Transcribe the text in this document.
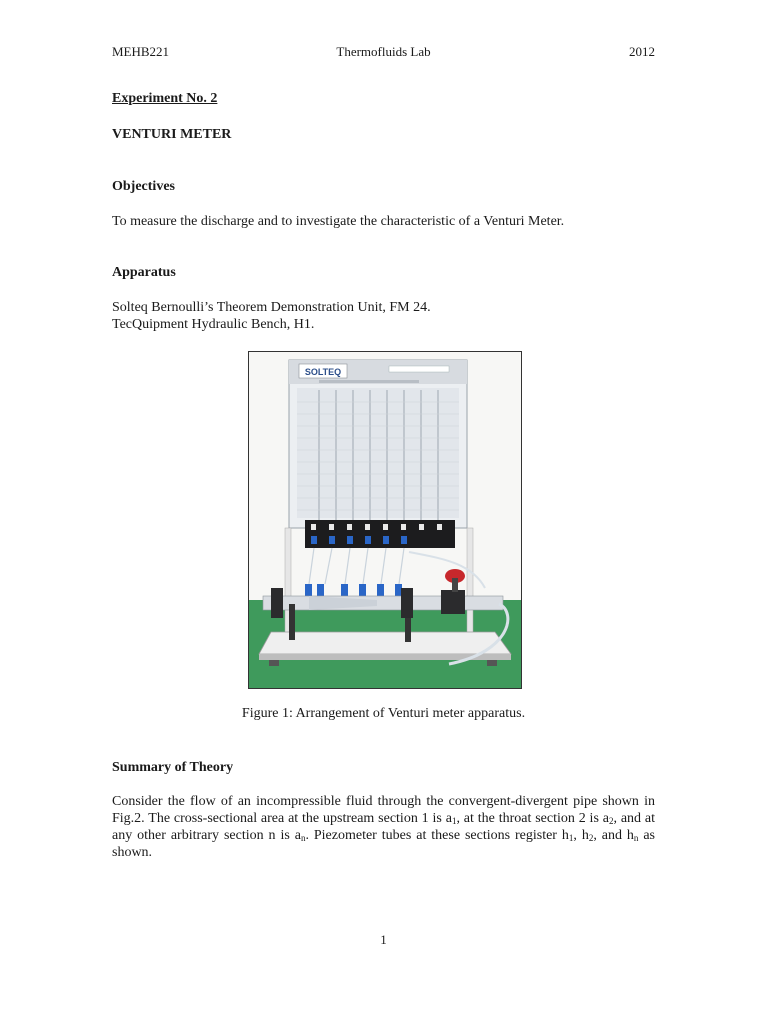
MEHB221	Thermofluids Lab	2012
Experiment No. 2
VENTURI METER
Objectives
To measure the discharge and to investigate the characteristic of a Venturi Meter.
Apparatus
Solteq Bernoulli’s Theorem Demonstration Unit, FM 24.
TecQuipment Hydraulic Bench, H1.
SOLTEQ
Figure 1: Arrangement of Venturi meter apparatus.
Summary of Theory
Consider the flow of an incompressible fluid through the convergent-divergent pipe shown in Fig.2. The cross-sectional area at the upstream section 1 is $a_1$, at the throat section 2 is $a_2$, and at any other arbitrary section n is $a_n$. Piezometer tubes at these sections register $h_1$, $h_2$, and $h_n$ as shown.
1
